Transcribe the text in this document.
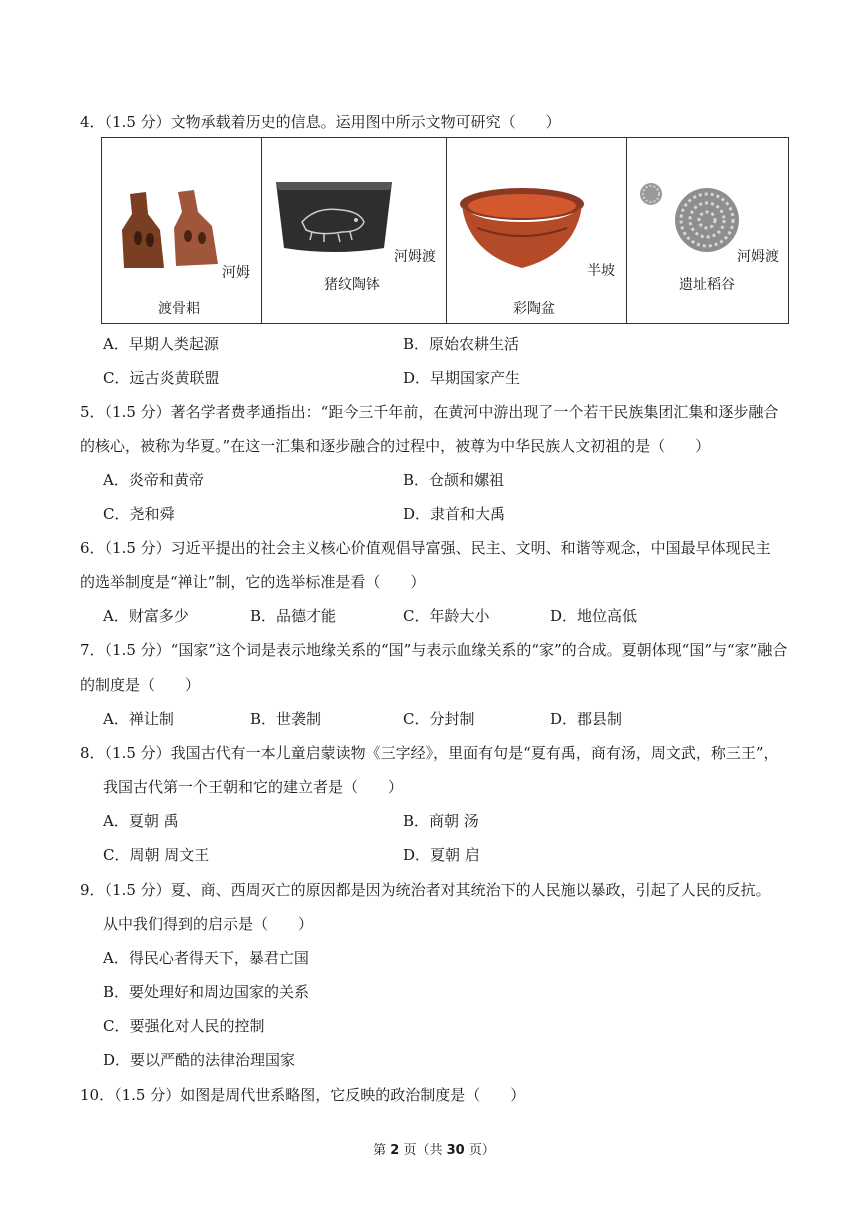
4．（1.5 分）文物承载着历史的信息。运用图中所示文物可研究（　　）
河姆
渡骨耜

河姆渡
猪纹陶钵

半坡
彩陶盆

河姆渡
遗址稻谷
A．早期人类起源	B．原始农耕生活
C．远古炎黄联盟	D．早期国家产生
5．（1.5 分）著名学者费孝通指出：“距今三千年前，在黄河中游出现了一个若干民族集团汇集和逐步融合
的核心，被称为华夏。”在这一汇集和逐步融合的过程中，被尊为中华民族人文初祖的是（　　）
A．炎帝和黄帝	B．仓颉和嫘祖
C．尧和舜	D．隶首和大禹
6．（1.5 分）习近平提出的社会主义核心价值观倡导富强、民主、文明、和谐等观念，中国最早体现民主
的选举制度是“禅让”制，它的选举标准是看（　　）
A．财富多少	B．品德才能	C．年龄大小	D．地位高低
7．（1.5 分）“国家”这个词是表示地缘关系的“国”与表示血缘关系的“家”的合成。夏朝体现“国”与“家”融合
的制度是（　　）
A．禅让制	B．世袭制	C．分封制	D．郡县制
8．（1.5 分）我国古代有一本儿童启蒙读物《三字经》，里面有句是“夏有禹，商有汤，周文武，称三王”，
我国古代第一个王朝和它的建立者是（　　）
A．夏朝 禹	B．商朝 汤
C．周朝 周文王	D．夏朝 启
9．（1.5 分）夏、商、西周灭亡的原因都是因为统治者对其统治下的人民施以暴政，引起了人民的反抗。
从中我们得到的启示是（　　）
A．得民心者得天下，暴君亡国
B．要处理好和周边国家的关系
C．要强化对人民的控制
D．要以严酷的法律治理国家
10．（1.5 分）如图是周代世系略图，它反映的政治制度是（　　）
第 2 页（共 30 页）
